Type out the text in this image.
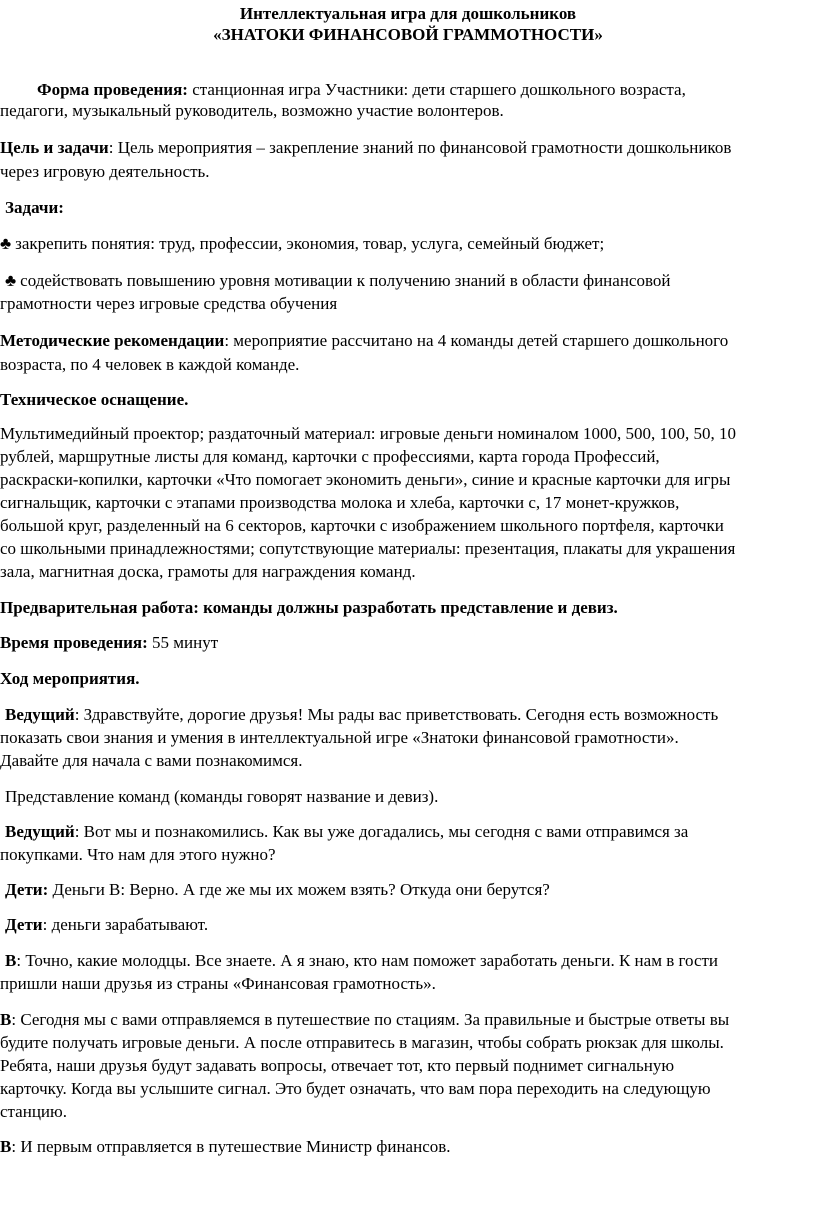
Интеллектуальная игра для дошкольников
«ЗНАТОКИ ФИНАНСОВОЙ ГРАММОТНОСТИ»
Форма проведения: станционная игра Участники: дети старшего дошкольного возраста,
педагоги, музыкальный руководитель, возможно участие волонтеров.
Цель и задачи: Цель мероприятия – закрепление знаний по финансовой грамотности дошкольников
через игровую деятельность.
Задачи:
♣ закрепить понятия: труд, профессии, экономия, товар, услуга, семейный бюджет;
♣ содействовать повышению уровня мотивации к получению знаний в области финансовой
грамотности через игровые средства обучения
Методические рекомендации: мероприятие рассчитано на 4 команды детей старшего дошкольного
возраста, по 4 человек в каждой команде.
Техническое оснащение.
Мультимедийный проектор; раздаточный материал: игровые деньги номиналом 1000, 500, 100, 50, 10
рублей, маршрутные листы для команд, карточки с профессиями, карта города Профессий,
раскраски-копилки, карточки «Что помогает экономить деньги», синие и красные карточки для игры
сигнальщик, карточки с этапами производства молока и хлеба, карточки с, 17 монет-кружков,
большой круг, разделенный на 6 секторов, карточки с изображением школьного портфеля, карточки
со школьными принадлежностями; сопутствующие материалы: презентация, плакаты для украшения
зала, магнитная доска, грамоты для награждения команд.
Предварительная работа: команды должны разработать представление и девиз.
Время проведения: 55 минут
Ход мероприятия.
Ведущий: Здравствуйте, дорогие друзья! Мы рады вас приветствовать. Сегодня есть возможность
показать свои знания и умения в интеллектуальной игре «Знатоки финансовой грамотности».
Давайте для начала с вами познакомимся.
Представление команд (команды говорят название и девиз).
Ведущий: Вот мы и познакомились. Как вы уже догадались, мы сегодня с вами отправимся за
покупками. Что нам для этого нужно?
Дети: Деньги В: Верно. А где же мы их можем взять? Откуда они берутся?
Дети: деньги зарабатывают.
В: Точно, какие молодцы. Все знаете. А я знаю, кто нам поможет заработать деньги. К нам в гости
пришли наши друзья из страны «Финансовая грамотность».
В: Сегодня мы с вами отправляемся в путешествие по стациям. За правильные и быстрые ответы вы
будите получать игровые деньги. А после отправитесь в магазин, чтобы собрать рюкзак для школы.
Ребята, наши друзья будут задавать вопросы, отвечает тот, кто первый поднимет сигнальную
карточку. Когда вы услышите сигнал. Это будет означать, что вам пора переходить на следующую
станцию.
В: И первым отправляется в путешествие Министр финансов.
